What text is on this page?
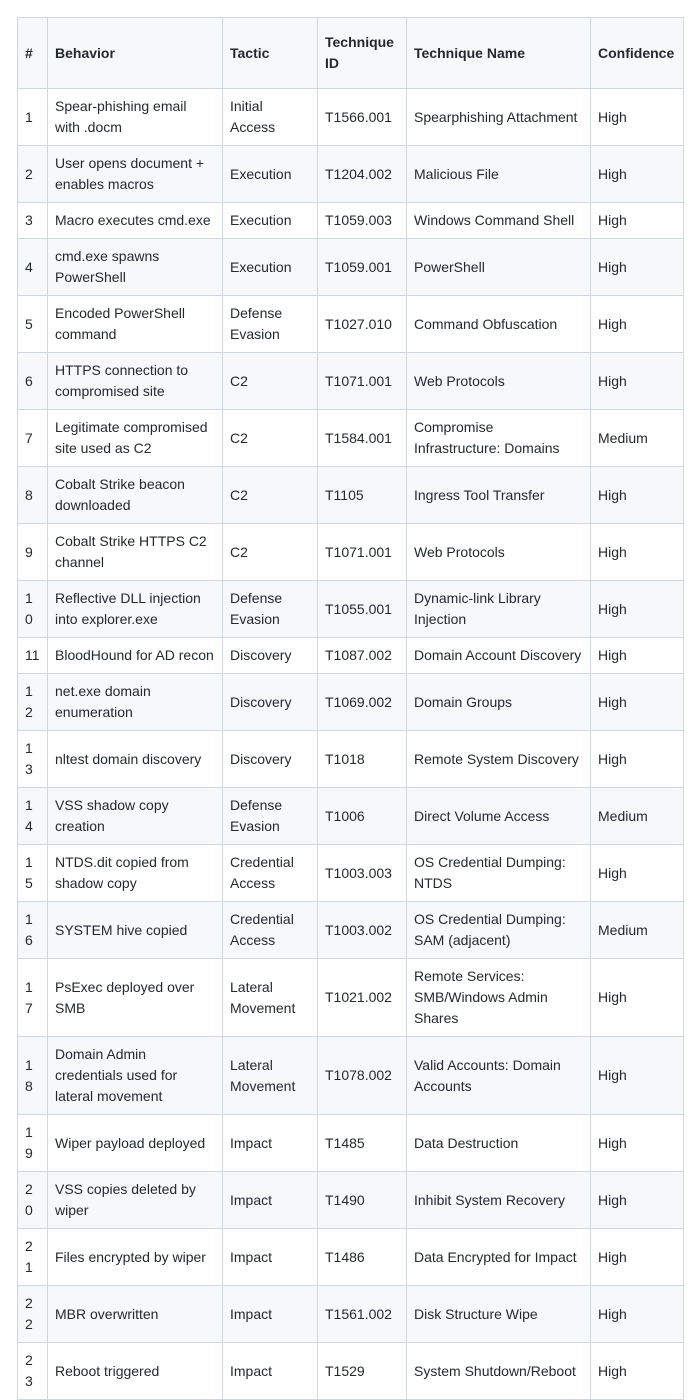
#	Behavior	Tactic	Technique ID	Technique Name	Confidence
1	Spear-phishing email with .docm	Initial Access	T1566.001	Spearphishing Attachment	High
2	User opens document + enables macros	Execution	T1204.002	Malicious File	High
3	Macro executes cmd.exe	Execution	T1059.003	Windows Command Shell	High
4	cmd.exe spawns PowerShell	Execution	T1059.001	PowerShell	High
5	Encoded PowerShell command	Defense Evasion	T1027.010	Command Obfuscation	High
6	HTTPS connection to compromised site	C2	T1071.001	Web Protocols	High
7	Legitimate compromised site used as C2	C2	T1584.001	Compromise Infrastructure: Domains	Medium
8	Cobalt Strike beacon downloaded	C2	T1105	Ingress Tool Transfer	High
9	Cobalt Strike HTTPS C2 channel	C2	T1071.001	Web Protocols	High
10	Reflective DLL injection into explorer.exe	Defense Evasion	T1055.001	Dynamic-link Library Injection	High
11	BloodHound for AD recon	Discovery	T1087.002	Domain Account Discovery	High
12	net.exe domain enumeration	Discovery	T1069.002	Domain Groups	High
13	nltest domain discovery	Discovery	T1018	Remote System Discovery	High
14	VSS shadow copy creation	Defense Evasion	T1006	Direct Volume Access	Medium
15	NTDS.dit copied from shadow copy	Credential Access	T1003.003	OS Credential Dumping: NTDS	High
16	SYSTEM hive copied	Credential Access	T1003.002	OS Credential Dumping: SAM (adjacent)	Medium
17	PsExec deployed over SMB	Lateral Movement	T1021.002	Remote Services: SMB/Windows Admin Shares	High
18	Domain Admin credentials used for lateral movement	Lateral Movement	T1078.002	Valid Accounts: Domain Accounts	High
19	Wiper payload deployed	Impact	T1485	Data Destruction	High
20	VSS copies deleted by wiper	Impact	T1490	Inhibit System Recovery	High
21	Files encrypted by wiper	Impact	T1486	Data Encrypted for Impact	High
22	MBR overwritten	Impact	T1561.002	Disk Structure Wipe	High
23	Reboot triggered	Impact	T1529	System Shutdown/Reboot	High
